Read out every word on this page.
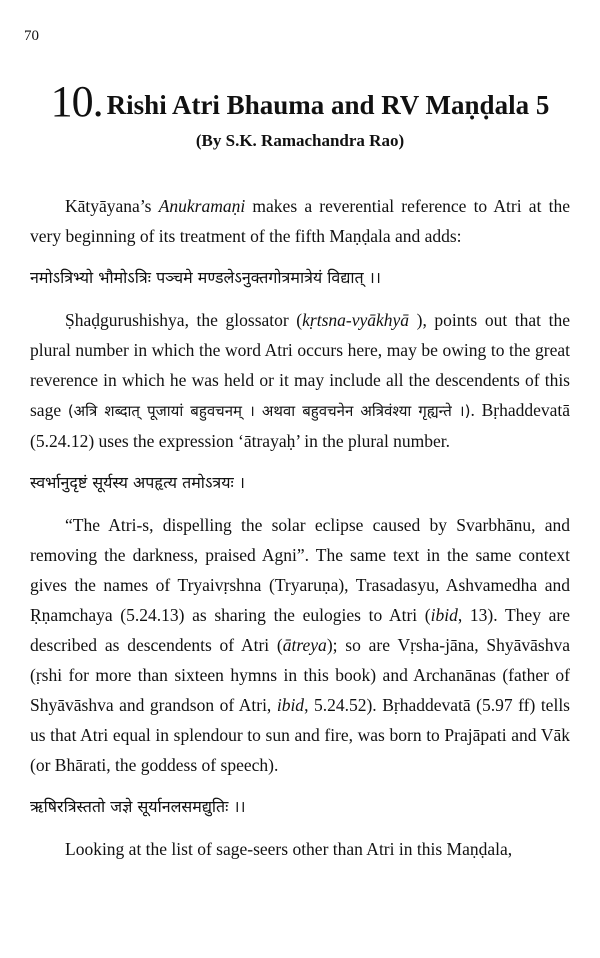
70
10. Rishi Atri Bhauma and RV Maṇḍala 5
(By S.K. Ramachandra Rao)

Kātyāyana’s Anukramaṇi makes a reverential reference to Atri at the very beginning of its treatment of the fifth Maṇḍala and adds:

नमोऽत्रिभ्यो भौमोऽत्रिः पञ्चमे मण्डलेऽनुक्तगोत्रमात्रेयं विद्यात् ।।

Ṣhaḍgurushishya, the glossator (kṛtsna-vyākhyā ), points out that the plural number in which the word Atri occurs here, may be owing to the great reverence in which he was held or it may include all the descendents of this sage (अत्रि शब्दात् पूजायां बहुवचनम् । अथवा बहुवचनेन अत्रिवंश्या गृह्यन्ते ।). Bṛhaddevatā (5.24.12) uses the expression ‘ātrayaḥ’ in the plural number.

स्वर्भानुदृष्टं सूर्यस्य अपहृत्य तमोऽत्रयः ।

“The Atri-s, dispelling the solar eclipse caused by Svarbhānu, and removing the darkness, praised Agni”. The same text in the same context gives the names of Tryaivṛshna (Tryaruṇa), Trasadasyu, Ashvamedha and Ṛṇamchaya (5.24.13) as sharing the eulogies to Atri (ibid, 13). They are described as descendents of Atri (ātreya); so are Vṛsha-jāna, Shyāvāshva (ṛshi for more than sixteen hymns in this book) and Archanānas (father of Shyāvāshva and grandson of Atri, ibid, 5.24.52). Bṛhaddevatā (5.97 ff) tells us that Atri equal in splendour to sun and fire, was born to Prajāpati and Vāk (or Bhārati, the goddess of speech).

ऋषिरत्रिस्ततो जज्ञे सूर्यानलसमद्युतिः ।।

Looking at the list of sage-seers other than Atri in this Maṇḍala,
